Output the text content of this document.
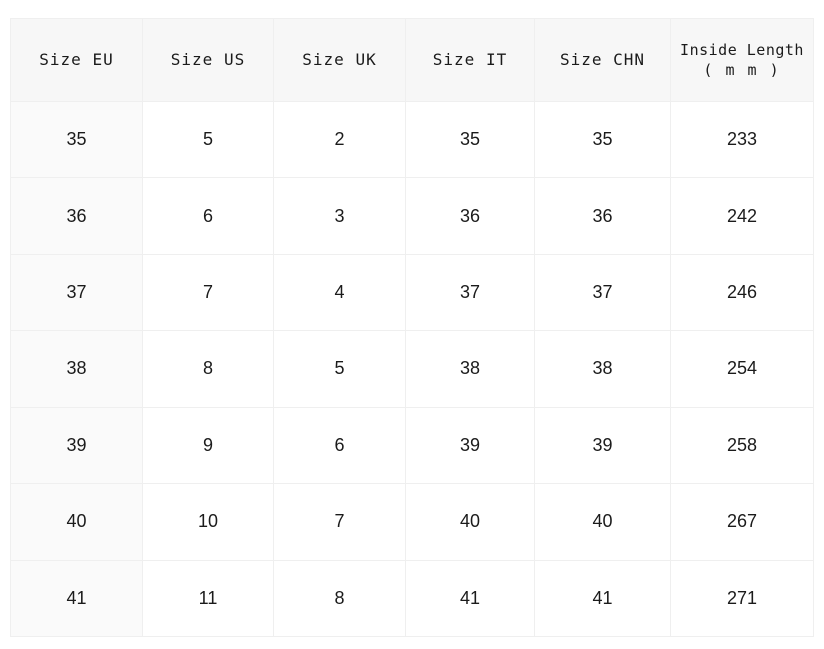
Size EU	Size US	Size UK	Size IT	Size CHN	Inside Length
( m m )

35	5	2	35	35	233
36	6	3	36	36	242
37	7	4	37	37	246
38	8	5	38	38	254
39	9	6	39	39	258
40	10	7	40	40	267
41	11	8	41	41	271
